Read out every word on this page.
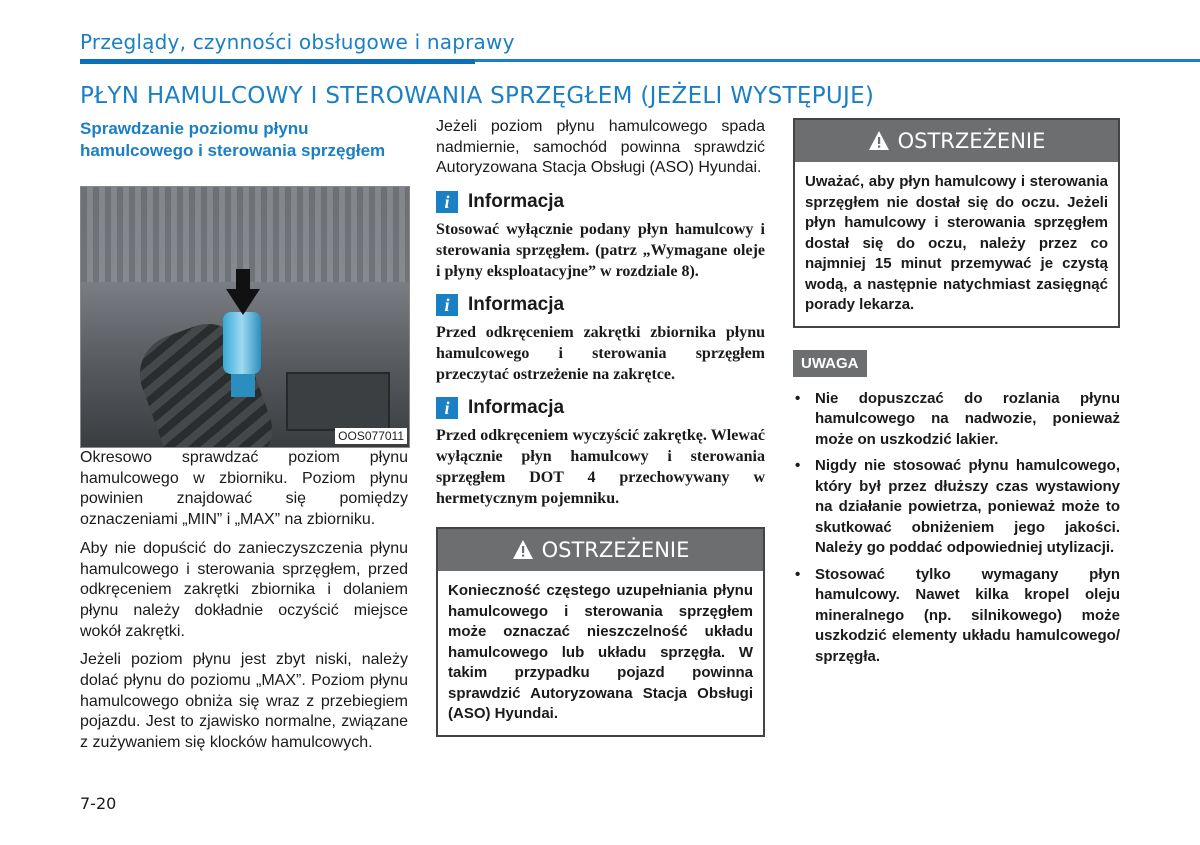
Przeglądy, czynności obsługowe i naprawy
PŁYN HAMULCOWY I STEROWANIA SPRZĘGŁEM (JEŻELI WYSTĘPUJE)

Sprawdzanie poziomu płynu hamulcowego i sterowania sprzęgłem

OOS077011

Okresowo sprawdzać poziom płynu hamulcowego w zbiorniku. Poziom płynu powinien znajdować się pomiędzy oznaczeniami „MIN” i „MAX” na zbiorniku.

Aby nie dopuścić do zanieczyszczenia płynu hamulcowego i sterowania sprzęgłem, przed odkręceniem zakrętki zbiornika i dolaniem płynu należy dokładnie oczyścić miejsce wokół zakrętki.

Jeżeli poziom płynu jest zbyt niski, należy dolać płynu do poziomu „MAX”. Poziom płynu hamulcowego obniża się wraz z przebiegiem pojazdu. Jest to zjawisko normalne, związane z zużywaniem się klocków hamulcowych.

Jeżeli poziom płynu hamulcowego spada nadmiernie, samochód powinna sprawdzić Autoryzowana Stacja Obsługi (ASO) Hyundai.

i Informacja

Stosować wyłącznie podany płyn hamulcowy i sterowania sprzęgłem. (patrz „Wymagane oleje i płyny eksploatacyjne” w rozdziale 8).

i Informacja

Przed odkręceniem zakrętki zbiornika płynu hamulcowego i sterowania sprzęgłem przeczytać ostrzeżenie na zakrętce.

i Informacja

Przed odkręceniem wyczyścić zakrętkę. Wlewać wyłącznie płyn hamulcowy i sterowania sprzęgłem DOT 4 przechowywany w hermetycznym pojemniku.

OSTRZEŻENIE
Konieczność częstego uzupełniania płynu hamulcowego i sterowania sprzęgłem może oznaczać nieszczelność układu hamulcowego lub układu sprzęgła. W takim przypadku pojazd powinna sprawdzić Autoryzowana Stacja Obsługi (ASO) Hyundai.
OSTRZEŻENIE
Uważać, aby płyn hamulcowy i sterowania sprzęgłem nie dostał się do oczu. Jeżeli płyn hamulcowy i sterowania sprzęgłem dostał się do oczu, należy przez co najmniej 15 minut przemywać je czystą wodą, a następnie natychmiast zasięgnąć porady lekarza.
UWAGA
• Nie dopuszczać do rozlania płynu hamulcowego na nadwozie, ponieważ może on uszkodzić lakier.
• Nigdy nie stosować płynu hamulcowego, który był przez dłuższy czas wystawiony na działanie powietrza, ponieważ może to skutkować obniżeniem jego jakości. Należy go poddać odpowiedniej utylizacji.
• Stosować tylko wymagany płyn hamulcowy. Nawet kilka kropel oleju mineralnego (np. silnikowego) może uszkodzić elementy układu hamulcowego/ sprzęgła.
7-20
